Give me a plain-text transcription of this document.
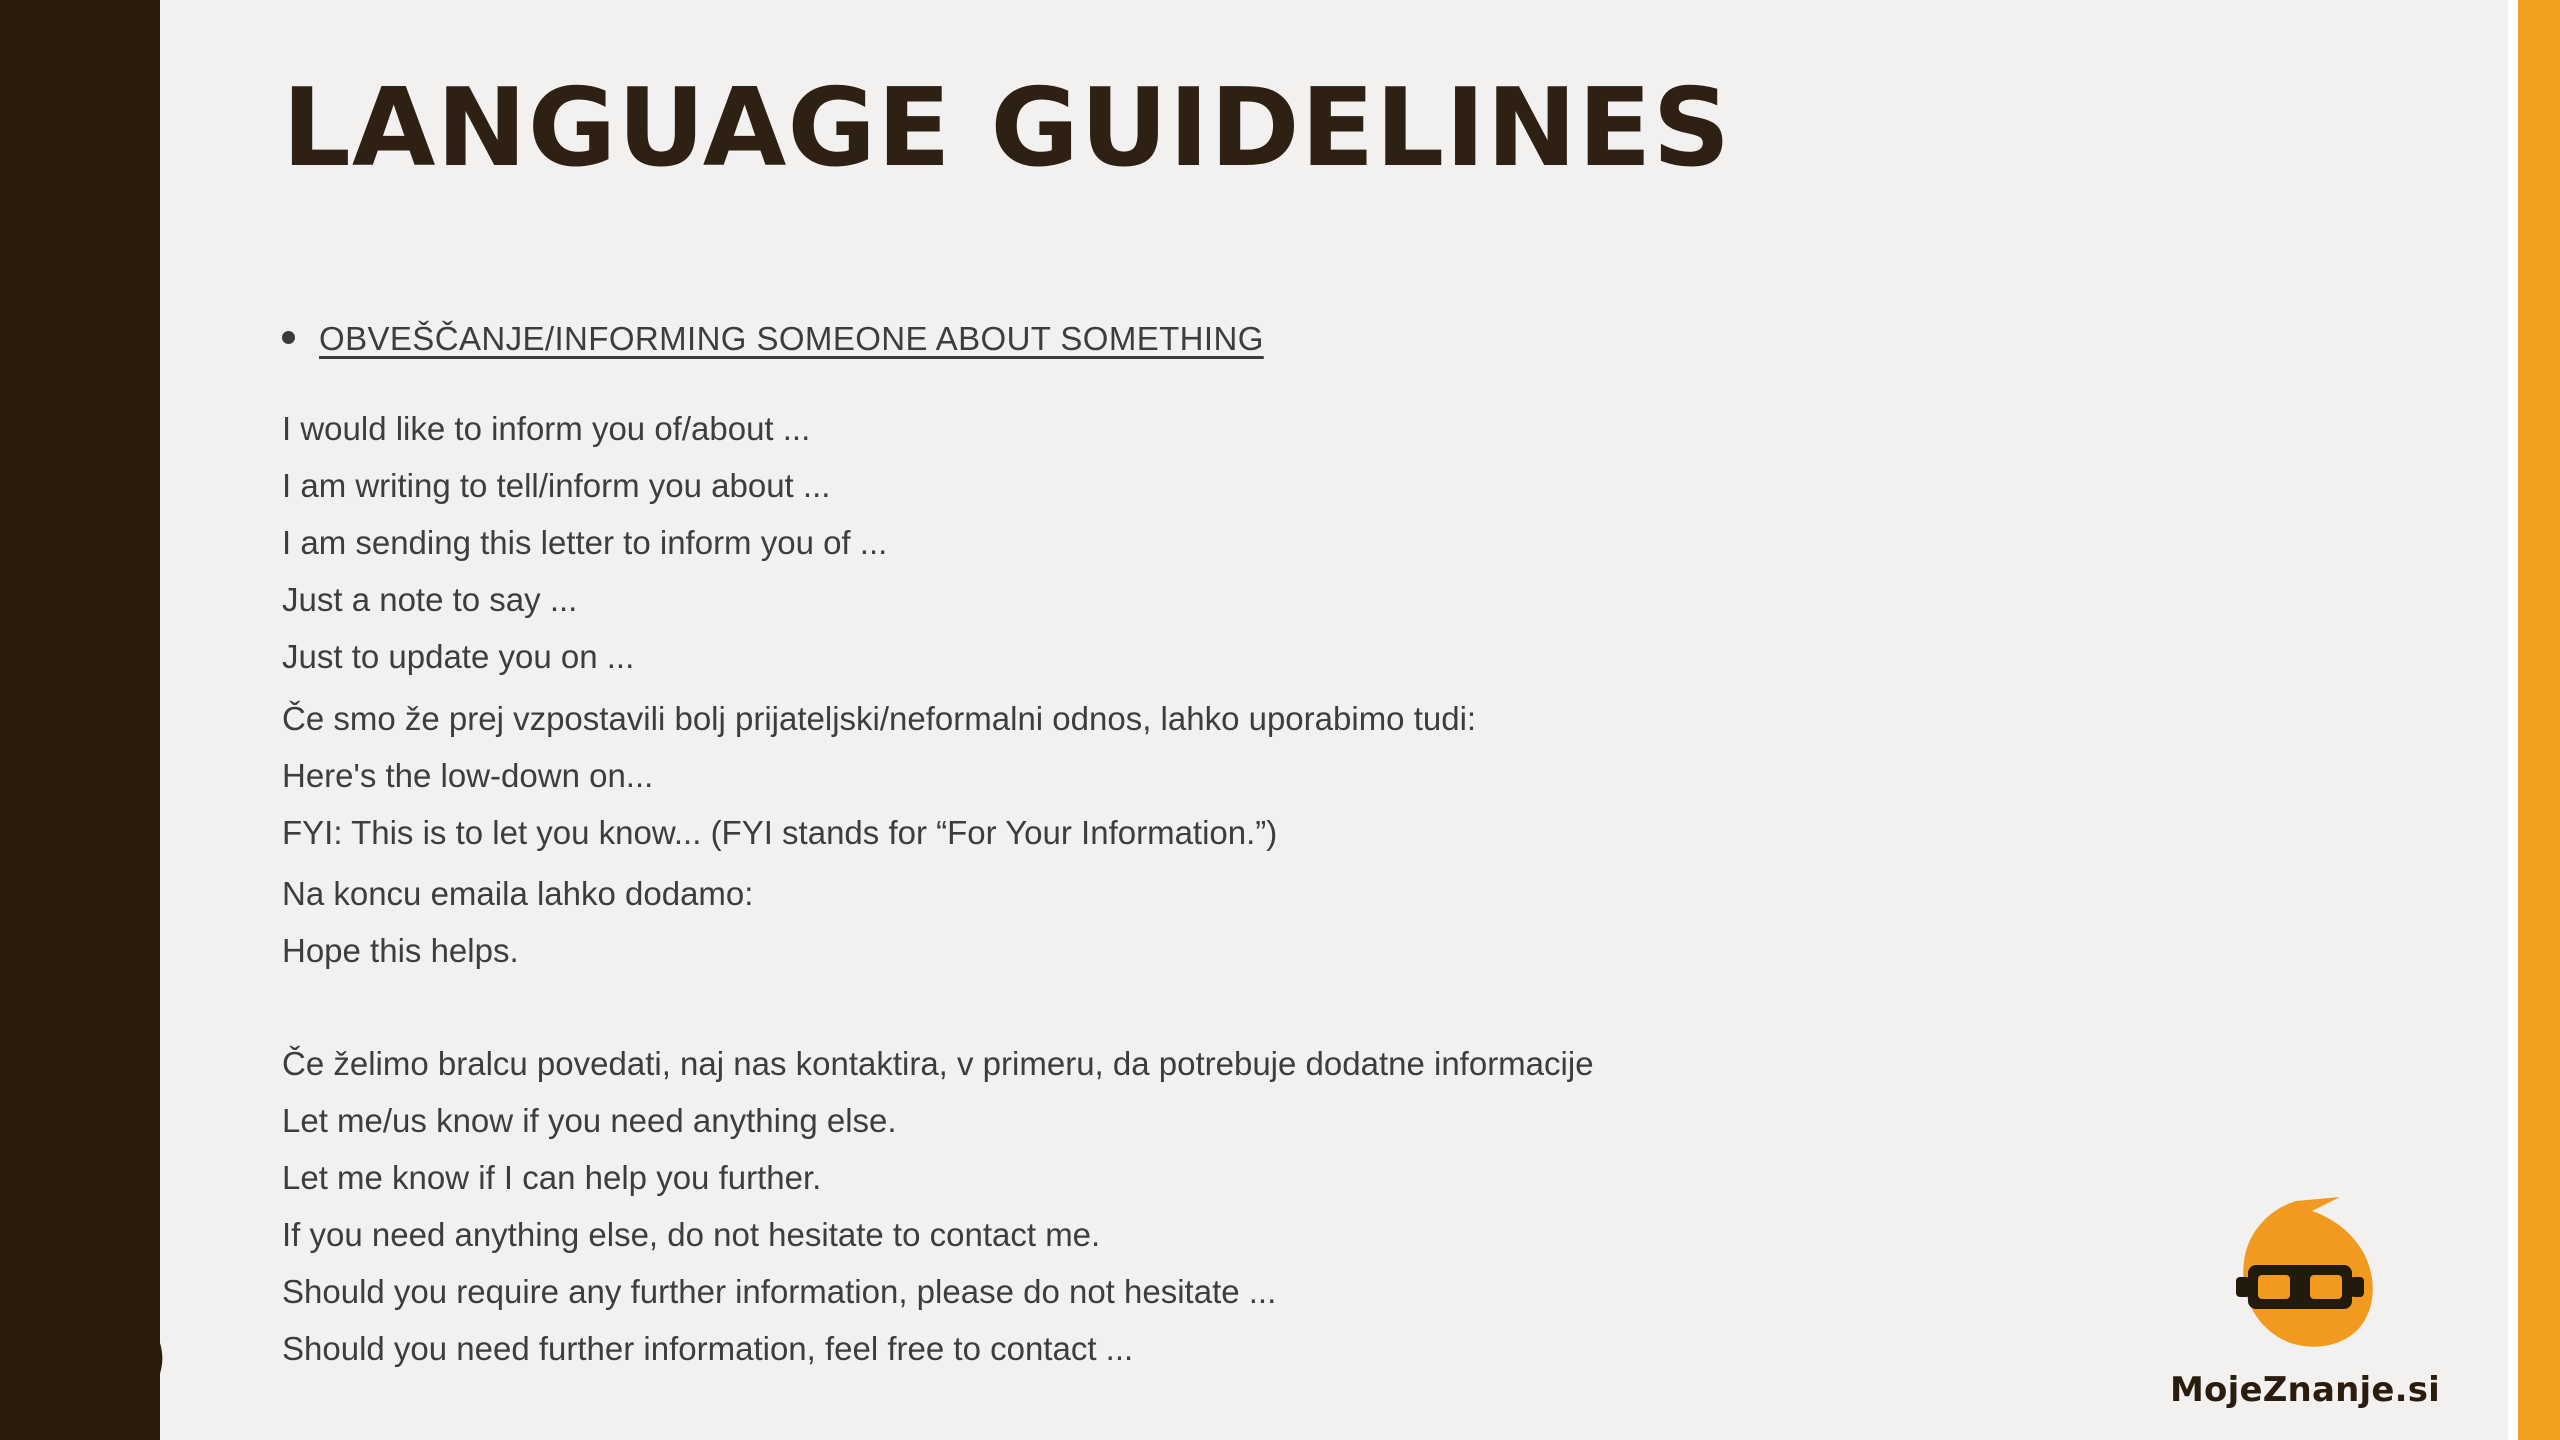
LANGUAGE GUIDELINES
OBVEŠČANJE/INFORMING SOMEONE ABOUT SOMETHING

I would like to inform you of/about ...

I am writing to tell/inform you about ...

I am sending this letter to inform you of ...

Just a note to say ...

Just to update you on ...

Če smo že prej vzpostavili bolj prijateljski/neformalni odnos, lahko uporabimo tudi:

Here's the low-down on...

FYI: This is to let you know... (FYI stands for “For Your Information.”)

Na koncu emaila lahko dodamo:

Hope this helps.

Če želimo bralcu povedati, naj nas kontaktira, v primeru, da potrebuje dodatne informacije

Let me/us know if you need anything else.

Let me know if I can help you further.

If you need anything else, do not hesitate to contact me.

Should you require any further information, please do not hesitate ...

Should you need further information, feel free to contact ...

MojeZnanje.si
